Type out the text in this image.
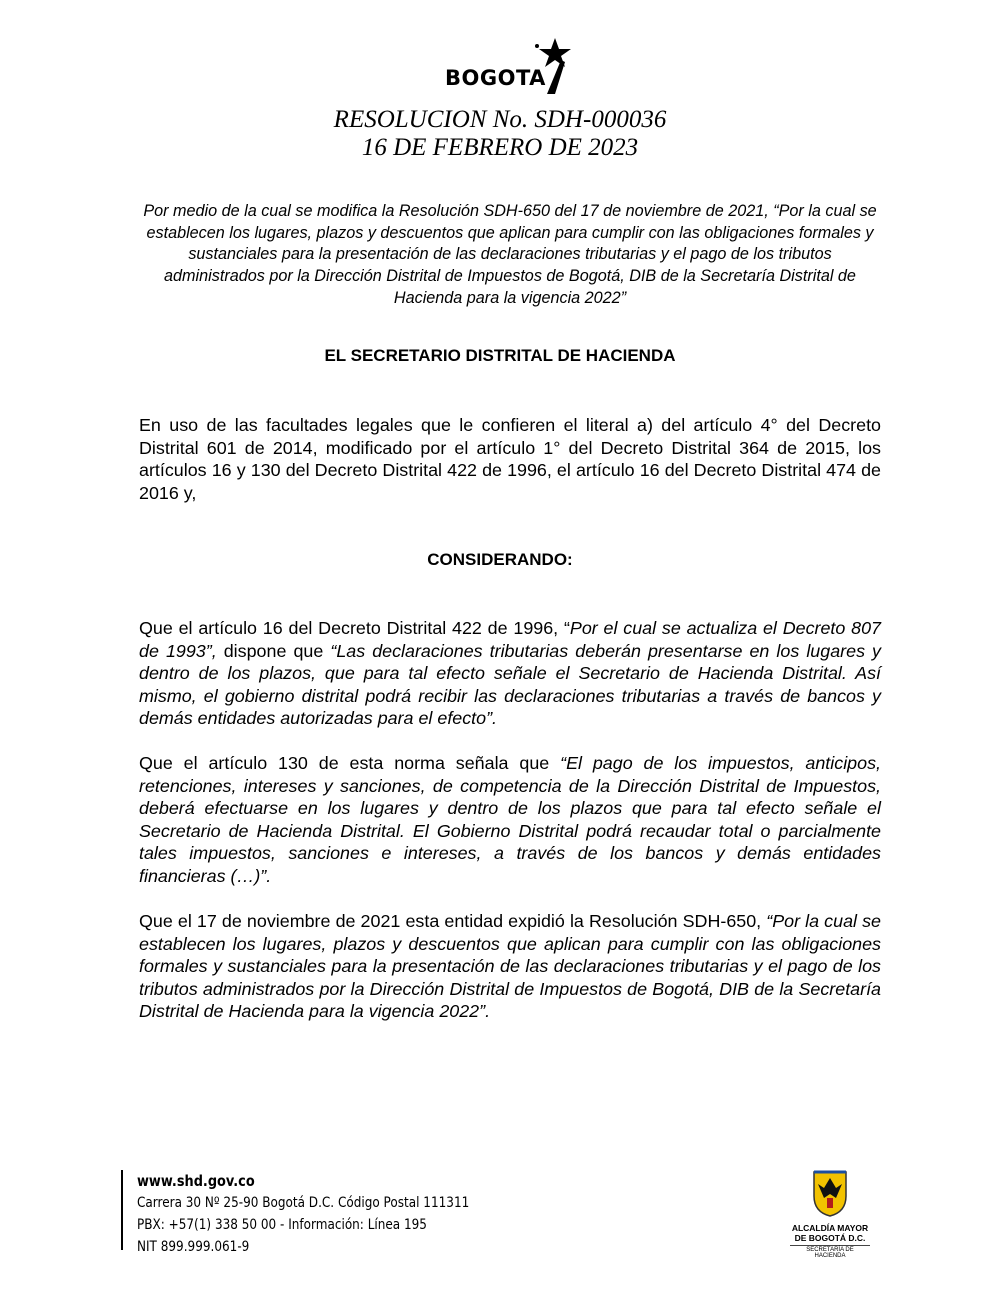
BOGOTA
RESOLUCION No. SDH-000036
16 DE FEBRERO DE 2023
Por medio de la cual se modifica la Resolución SDH-650 del 17 de noviembre de 2021, “Por la cual se establecen los lugares, plazos y descuentos que aplican para cumplir con las obligaciones formales y sustanciales para la presentación de las declaraciones tributarias y el pago de los tributos administrados por la Dirección Distrital de Impuestos de Bogotá, DIB de la Secretaría Distrital de Hacienda para la vigencia 2022”
EL SECRETARIO DISTRITAL DE HACIENDA
En uso de las facultades legales que le confieren el literal a) del artículo 4° del Decreto Distrital 601 de 2014, modificado por el artículo 1° del Decreto Distrital 364 de 2015, los artículos 16 y 130 del Decreto Distrital 422 de 1996, el artículo 16 del Decreto Distrital 474 de 2016 y,
CONSIDERANDO:
Que el artículo 16 del Decreto Distrital 422 de 1996, “Por el cual se actualiza el Decreto 807 de 1993”, dispone que “Las declaraciones tributarias deberán presentarse en los lugares y dentro de los plazos, que para tal efecto señale el Secretario de Hacienda Distrital. Así mismo, el gobierno distrital podrá recibir las declaraciones tributarias a través de bancos y demás entidades autorizadas para el efecto”.
Que el artículo 130 de esta norma señala que “El pago de los impuestos, anticipos, retenciones, intereses y sanciones, de competencia de la Dirección Distrital de Impuestos, deberá efectuarse en los lugares y dentro de los plazos que para tal efecto señale el Secretario de Hacienda Distrital. El Gobierno Distrital podrá recaudar total o parcialmente tales impuestos, sanciones e intereses, a través de los bancos y demás entidades financieras (…)”.
Que el 17 de noviembre de 2021 esta entidad expidió la Resolución SDH-650, “Por la cual se establecen los lugares, plazos y descuentos que aplican para cumplir con las obligaciones formales y sustanciales para la presentación de las declaraciones tributarias y el pago de los tributos administrados por la Dirección Distrital de Impuestos de Bogotá, DIB de la Secretaría Distrital de Hacienda para la vigencia 2022”.
www.shd.gov.co
Carrera 30 Nº 25-90 Bogotá D.C. Código Postal 111311
PBX: +57(1) 338 50 00 - Información: Línea 195
NIT 899.999.061-9
ALCALDÍA MAYOR
DE BOGOTÁ D.C.
SECRETARÍA DE HACIENDA
